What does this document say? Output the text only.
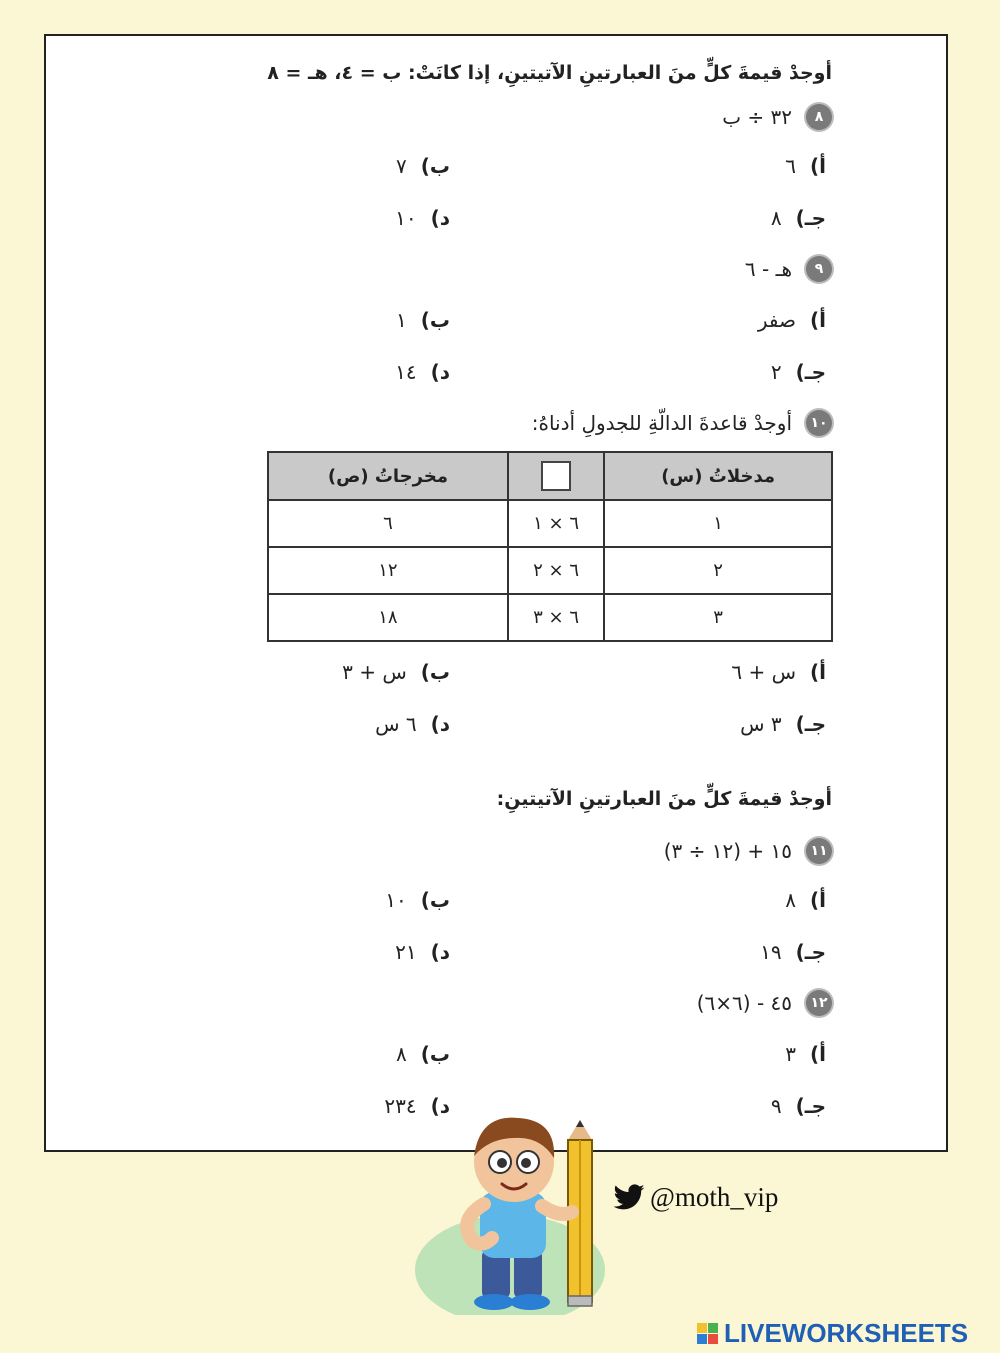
أوجدْ قيمةَ كلٍّ منَ العبارتينِ الآتيتينِ، إذا كانَتْ: ب = ٤، هـ = ٨
٨
٣٢ ÷ ب
أ)
٦
ب)
٧
جـ)
٨
د)
١٠
٩
هـ - ٦
أ)
صفر
ب)
١
جـ)
٢
د)
١٤
١٠
أوجدْ قاعدةَ الدالّةِ للجدولِ أدناهُ:
مدخلاتُ (س)		مخرجاتُ (ص)
١	٦ × ١	٦
٢	٦ × ٢	١٢
٣	٦ × ٣	١٨
أ)
س + ٦
ب)
س + ٣
جـ)
٣ س
د)
٦ س
أوجدْ قيمةَ كلٍّ منَ العبارتينِ الآتيتينِ:
١١
١٥ + (١٢ ÷ ٣)
أ)
٨
ب)
١٠
جـ)
١٩
د)
٢١
١٢
٤٥ - (٦×٦)
أ)
٣
ب)
٨
جـ)
٩
د)
٢٣٤
@moth_vip
LIVEWORKSHEETS
